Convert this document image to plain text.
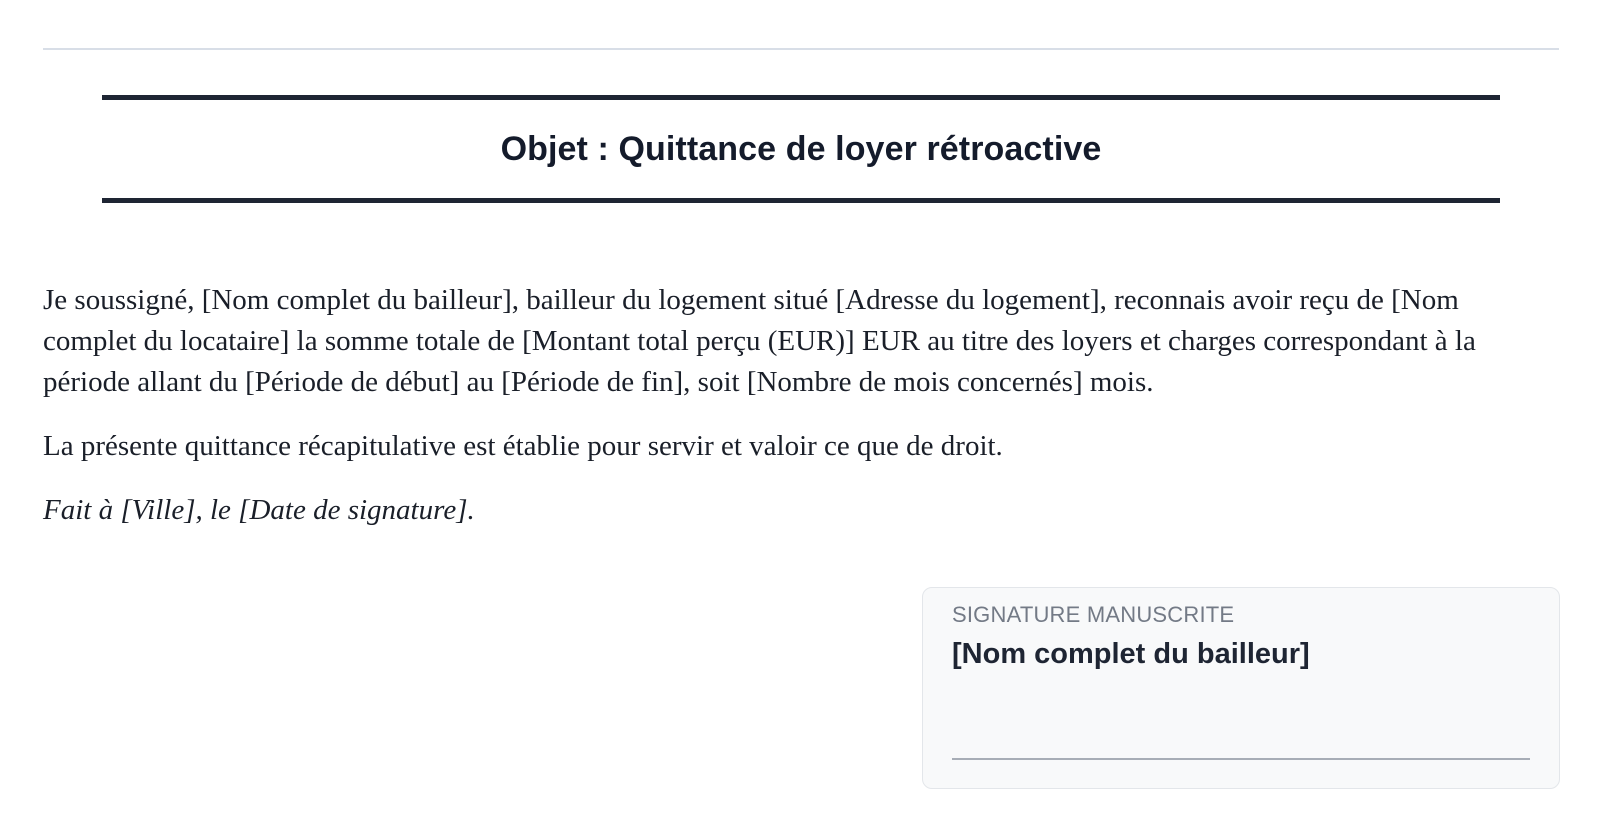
Objet : Quittance de loyer rétroactive

Je soussigné, [Nom complet du bailleur], bailleur du logement situé [Adresse du logement], reconnais avoir reçu de [Nom complet du locataire] la somme totale de [Montant total perçu (EUR)] EUR au titre des loyers et charges correspondant à la période allant du [Période de début] au [Période de fin], soit [Nombre de mois concernés] mois.

La présente quittance récapitulative est établie pour servir et valoir ce que de droit.

Fait à [Ville], le [Date de signature].

SIGNATURE MANUSCRITE
[Nom complet du bailleur]
